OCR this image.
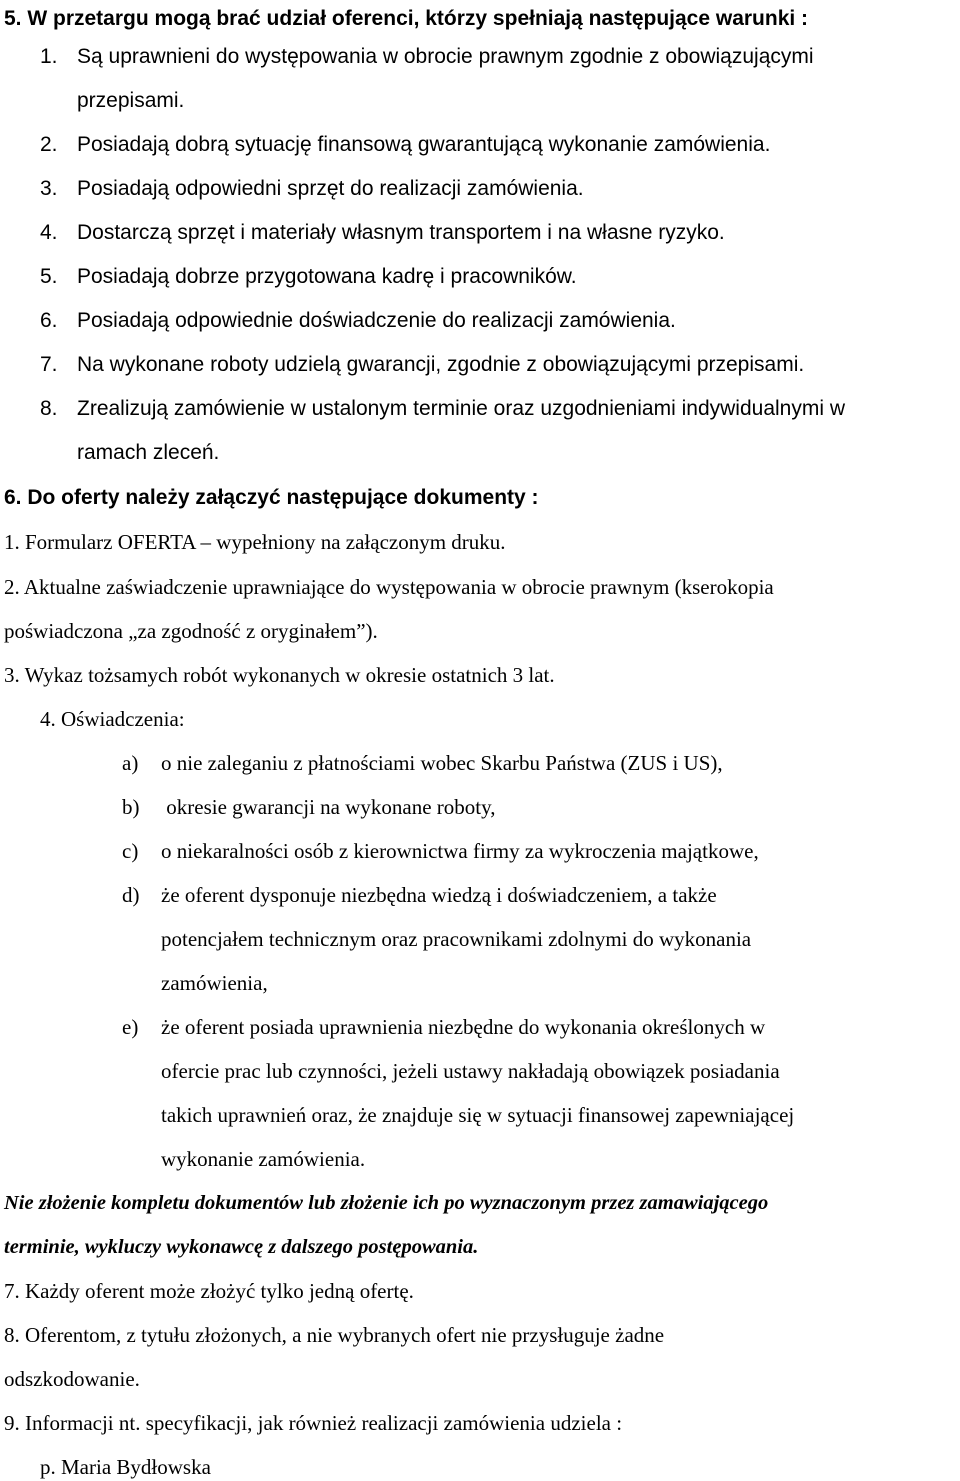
5. W przetargu mogą brać udział oferenci, którzy spełniają następujące warunki :
1. Są uprawnieni do występowania w obrocie prawnym zgodnie z obowiązującymi
przepisami.
2. Posiadają dobrą sytuację finansową gwarantującą wykonanie zamówienia.
3. Posiadają odpowiedni sprzęt do realizacji zamówienia.
4. Dostarczą sprzęt i materiały własnym transportem i na własne ryzyko.
5. Posiadają dobrze przygotowana kadrę i pracowników.
6. Posiadają odpowiednie doświadczenie do realizacji zamówienia.
7. Na wykonane roboty udzielą gwarancji, zgodnie z obowiązującymi przepisami.
8. Zrealizują zamówienie w ustalonym terminie oraz uzgodnieniami indywidualnymi w
ramach zleceń.
6. Do oferty należy załączyć następujące dokumenty :
1. Formularz OFERTA – wypełniony na załączonym druku.
2. Aktualne zaświadczenie uprawniające do występowania w obrocie prawnym (kserokopia
poświadczona „za zgodność z oryginałem”).
3. Wykaz tożsamych robót wykonanych w okresie ostatnich 3 lat.
4. Oświadczenia:
a) o nie zaleganiu z płatnościami wobec Skarbu Państwa (ZUS i US),
b) okresie gwarancji na wykonane roboty,
c) o niekaralności osób z kierownictwa firmy za wykroczenia majątkowe,
d) że oferent dysponuje niezbędna wiedzą i doświadczeniem, a także
potencjałem technicznym oraz pracownikami zdolnymi do wykonania
zamówienia,
e) że oferent posiada uprawnienia niezbędne do wykonania określonych w
ofercie prac lub czynności, jeżeli ustawy nakładają obowiązek posiadania
takich uprawnień oraz, że znajduje się w sytuacji finansowej zapewniającej
wykonanie zamówienia.
Nie złożenie kompletu dokumentów lub złożenie ich po wyznaczonym przez zamawiającego
terminie, wykluczy wykonawcę z dalszego postępowania.
7. Każdy oferent może złożyć tylko jedną ofertę.
8. Oferentom, z tytułu złożonych, a nie wybranych ofert nie przysługuje żadne
odszkodowanie.
9. Informacji nt. specyfikacji, jak również realizacji zamówienia udziela :
p. Maria Bydłowska
